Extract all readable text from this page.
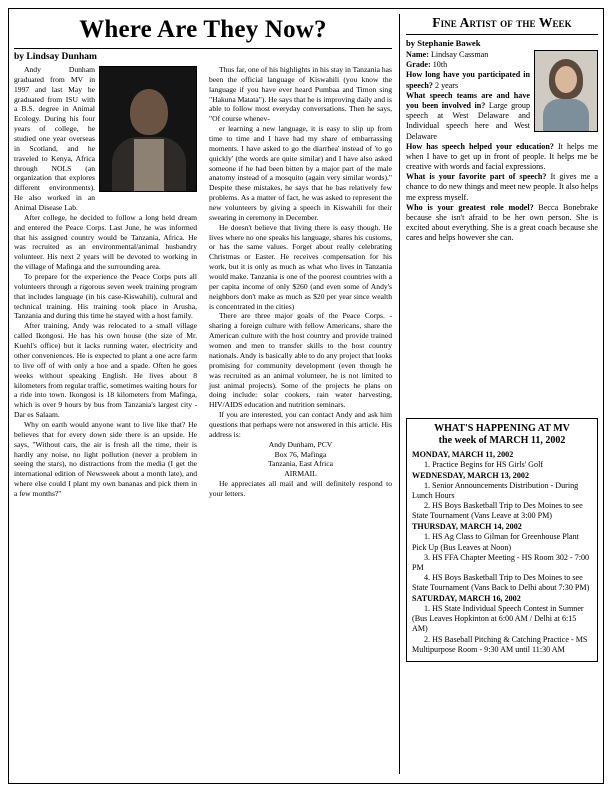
Where Are They Now?
by Lindsay Dunham

Andy Dunham graduated from MV in 1997 and last May he graduated from ISU with a B.S. degree in Animal Ecology. During his four years of college, he studied one year overseas in Scotland, and he traveled to Kenya, Africa through NOLS (an organization that explores different environments). He also worked in an Animal Disease Lab.

After college, he decided to follow a long held dream and entered the Peace Corps. Last June, he was informed that his assigned country would be Tanzania, Africa. He was recruited as an environmental/animal husbandry volunteer. His next 2 years will be devoted to working in the village of Mafinga and the surrounding area.

To prepare for the experience the Peace Corps puts all volunteers through a rigorous seven week training program that includes language (in his case-Kiswahili), cultural and technical training. His training took place in Arusha, Tanzania and during this time he stayed with a host family.

After training, Andy was relocated to a small village called Ikongosi. He has his own house (the size of Mr. Kuehl's office) but it lacks running water, electricity and other conveniences. He is expected to plant a one acre farm to live off of with only a hoe and a spade. Often he goes weeks without speaking English. He lives about 8 kilometers from regular traffic, sometimes waiting hours for a ride into town. Ikongosi is 18 kilometers from Mafinga, which is over 9 hours by bus from Tanzania's largest city - Dar es Salaam.

Why on earth would anyone want to live like that? He believes that for every down side there is an upside. He says, "Without cars, the air is fresh all the time, their is hardly any noise, no light pollution (never a problem in seeing the stars), no distractions from the media (I get the international edition of Newsweek about a month late), and where else could I plant my own bananas and pick them in a few months?"

Thus far, one of his highlights in his stay in Tanzania has been the official language of Kiswahili (you know the language if you have ever heard Pumbaa and Timon sing "Hakuna Matata"). He says that he is improving daily and is able to follow most everyday conversations. Then he says, "Of course whenev-

er learning a new language, it is easy to slip up from time to time and I have had my share of embarrassing moments. I have asked to go the diarrhea' instead of 'to go quickly' (the words are quite similar) and I have also asked someone if he had been bitten by a major part of the male anatomy instead of a mosquito (again very similar words)." Despite these mistakes, he says that he has relatively few problems. As a matter of fact, he was asked to represent the new volunteers by giving a speech in Kiswahili for their swearing in ceremony in December.

He doesn't believe that living there is easy though. He lives where no one speaks his language, shares his customs, or has the same values. Forget about really celebrating Christmas or Easter. He receives compensation for his work, but it is only as much as what who lives in Tanzania would make. Tanzania is one of the poorest countries with a per capita income of only $260 (and even some of Andy's neighbors don't make as much as $20 per year since wealth is concentrated in the cities)

There are three major goals of the Peace Corps. - sharing a foreign culture with fellow Americans, share the American culture with the host country and provide trained women and men to transfer skills to the host country nationals. Andy is basically able to do any project that looks promising for community development (even though he was recruited as an animal volunteer, he is not limited to just animal projects). Some of the projects he plans on doing include: solar cookers, rain water harvesting, HIV/AIDS education and nutrition seminars.

If you are interested, you can contact Andy and ask him questions that perhaps were not answered in this article. His address is:

Andy Dunham, PCV

Box 76, Mafinga

Tanzania, East Africa

AIRMAIL

He appreciates all mail and will definitely respond to your letters.

Fine Artist of the Week
by Stephanie Bawek

Name: Lindsay Cassman

Grade: 10th

How long have you participated in speech? 2 years

What speech teams are and have you been involved in? Large group speech at West Delaware and Individual speech here and West Delaware

How has speech helped your education? It helps me when I have to get up in front of people. It helps me be creative with words and facial expressions.

What is your favorite part of speech? It gives me a chance to do new things and meet new people. It also helps me express myself.

Who is your greatest role model? Becca Bonebrake because she isn't afraid to be her own person. She is excited about everything. She is a great coach because she cares and helps however she can.

WHAT'S HAPPENING AT MV
the week of MARCH 11, 2002
MONDAY, MARCH 11, 2002

1. Practice Begins for HS Girls' Golf

WEDNESDAY, MARCH 13, 2002

1. Senior Announcements Distribution - During Lunch Hours

2. HS Boys Basketball Trip to Des Moines to see State Tournament (Vans Leave at 3:00 PM)

THURSDAY, MARCH 14, 2002

1. HS Ag Class to Gilman for Greenhouse Plant Pick Up (Bus Leaves at Noon)

3. HS FFA Chapter Meeting - HS Room 302 - 7:00 PM

4. HS Boys Basketball Trip to Des Moines to see State Tournament (Vans Back to Delhi about 7:30 PM)

SATURDAY, MARCH 16, 2002

1. HS State Individual Speech Contest in Sumner (Bus Leaves Hopkinton at 6:00 AM / Delhi at 6:15 AM)

2. HS Baseball Pitching & Catching Practice - MS Multipurpose Room - 9:30 AM until 11:30 AM
